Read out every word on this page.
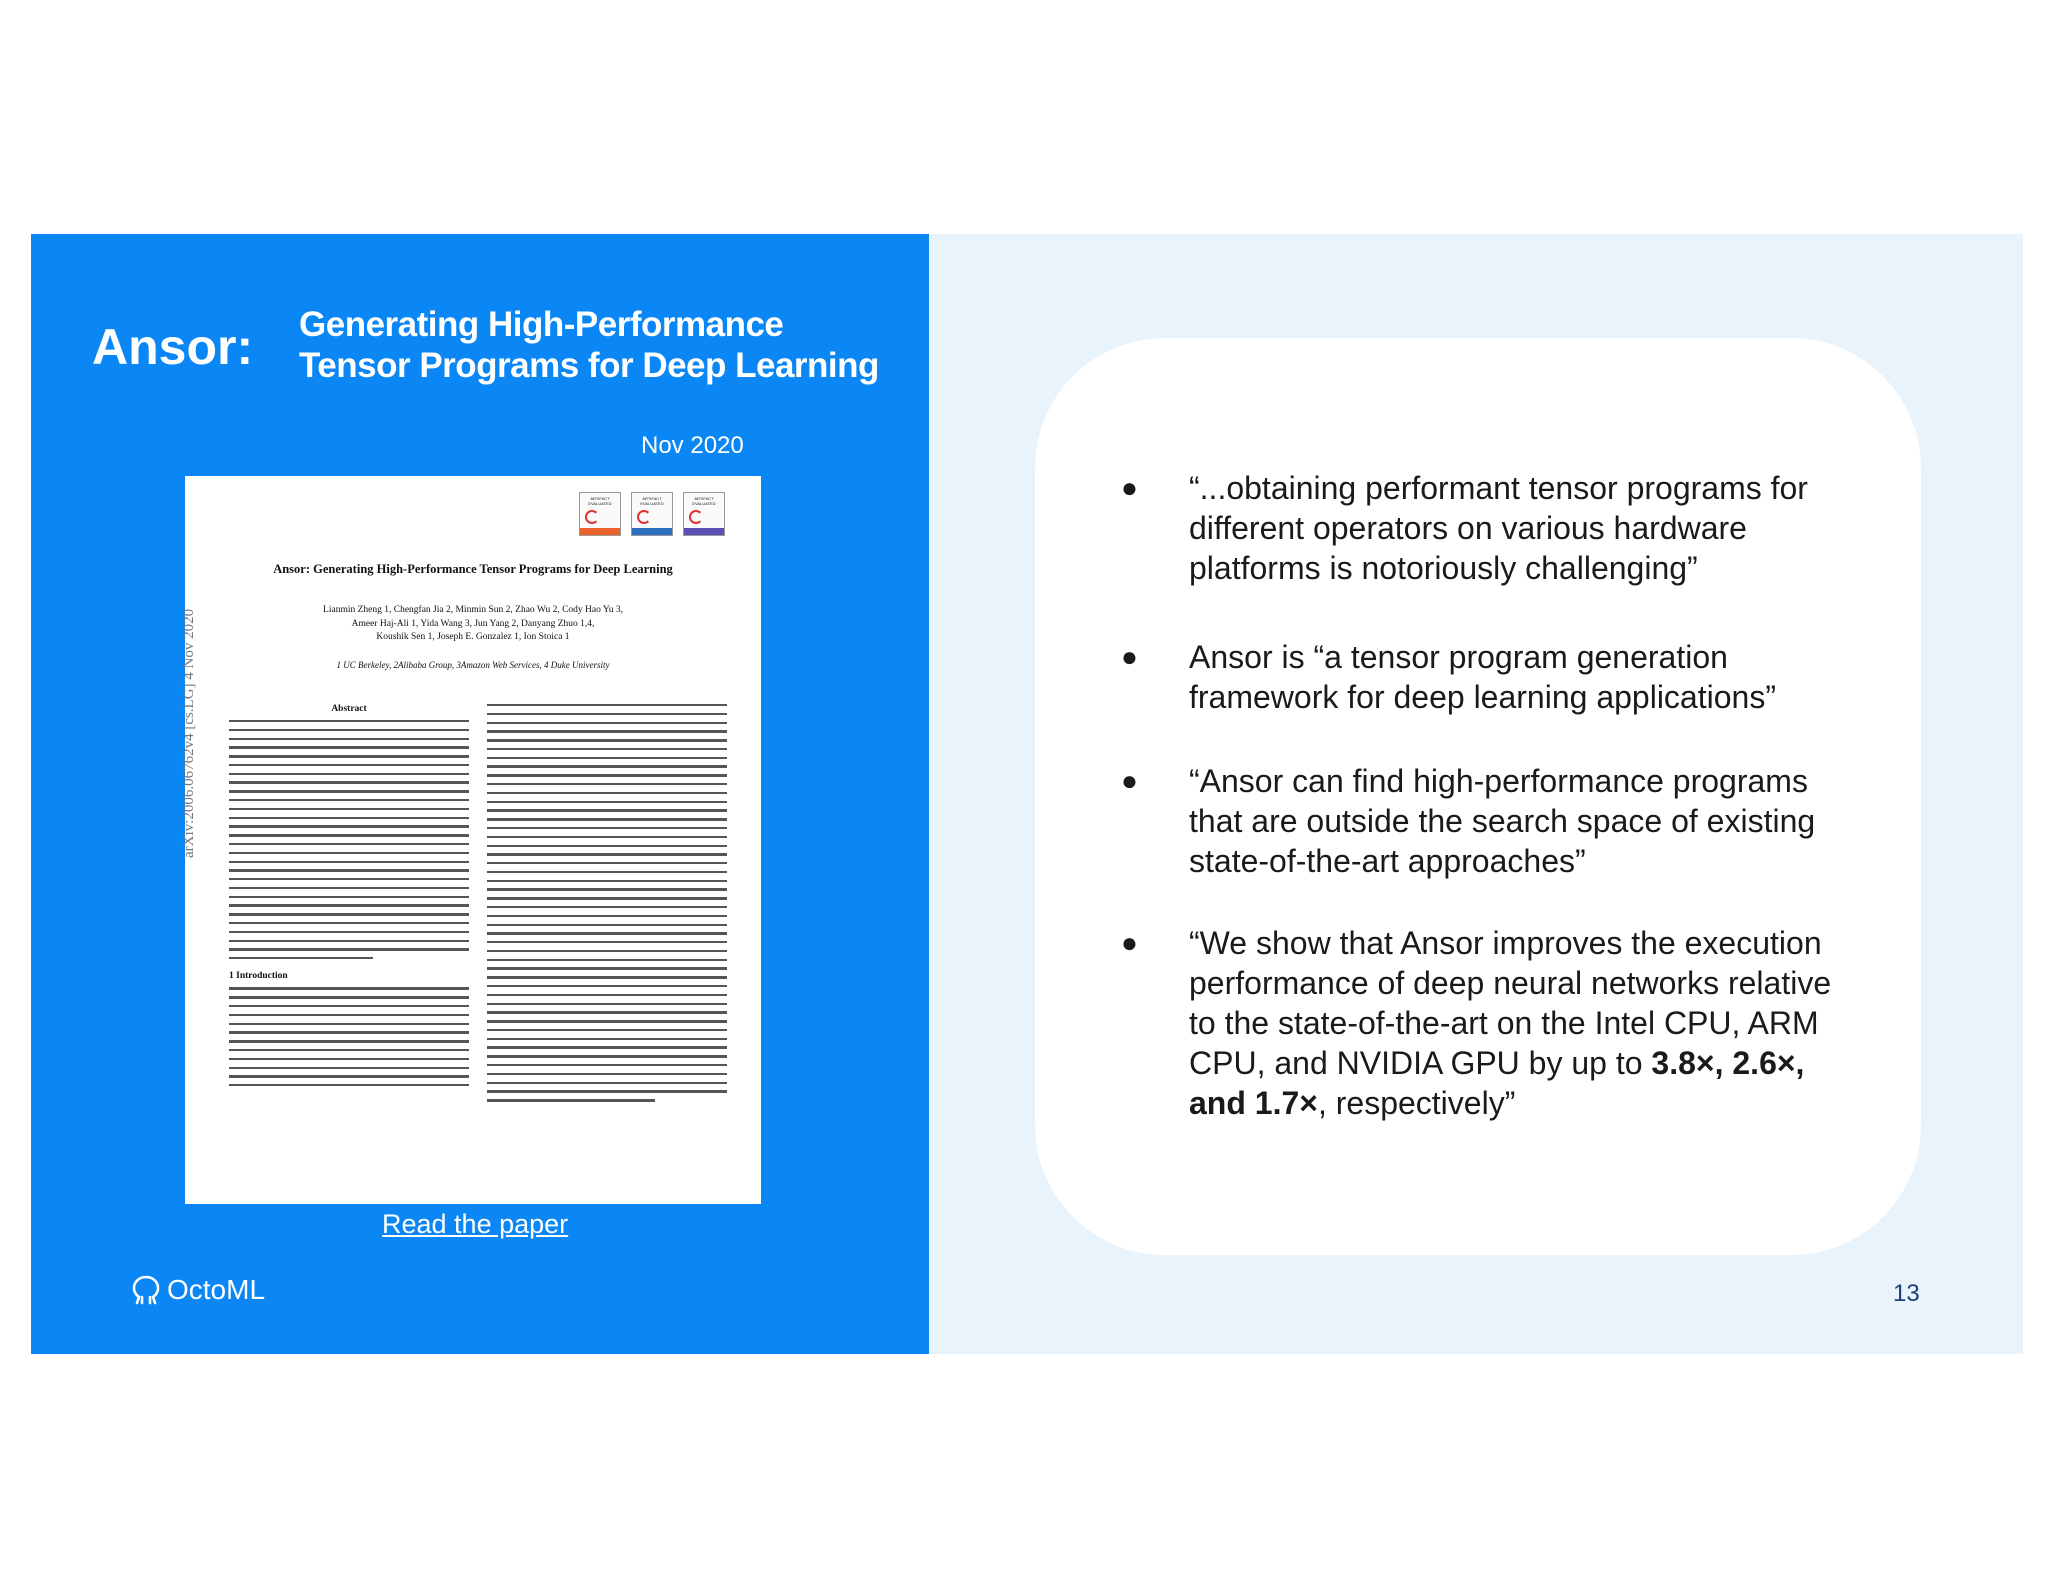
Ansor: Generating High-Performance
Tensor Programs for Deep Learning
Nov 2020
ARTIFACT EVALUATED
ARTIFACT EVALUATED
ARTIFACT EVALUATED
Ansor: Generating High-Performance Tensor Programs for Deep Learning
Lianmin Zheng 1, Chengfan Jia 2, Minmin Sun 2, Zhao Wu 2, Cody Hao Yu 3,
Ameer Haj-Ali 1, Yida Wang 3, Jun Yang 2, Danyang Zhuo 1,4,
Koushik Sen 1, Joseph E. Gonzalez 1, Ion Stoica 1
1 UC Berkeley, 2Alibaba Group, 3Amazon Web Services, 4 Duke University
arXiv:2006.06762v4 [cs.LG] 4 Nov 2020	Abstract
1 Introduction
Read the paper
OctoML
● “...obtaining performant tensor programs for different operators on various hardware platforms is notoriously challenging”
● Ansor is “a tensor program generation framework for deep learning applications”
● “Ansor can find high-performance programs that are outside the search space of existing state-of-the-art approaches”
● “We show that Ansor improves the execution performance of deep neural networks relative to the state-of-the-art on the Intel CPU, ARM CPU, and NVIDIA GPU by up to 3.8×, 2.6×, and 1.7×, respectively”
13
